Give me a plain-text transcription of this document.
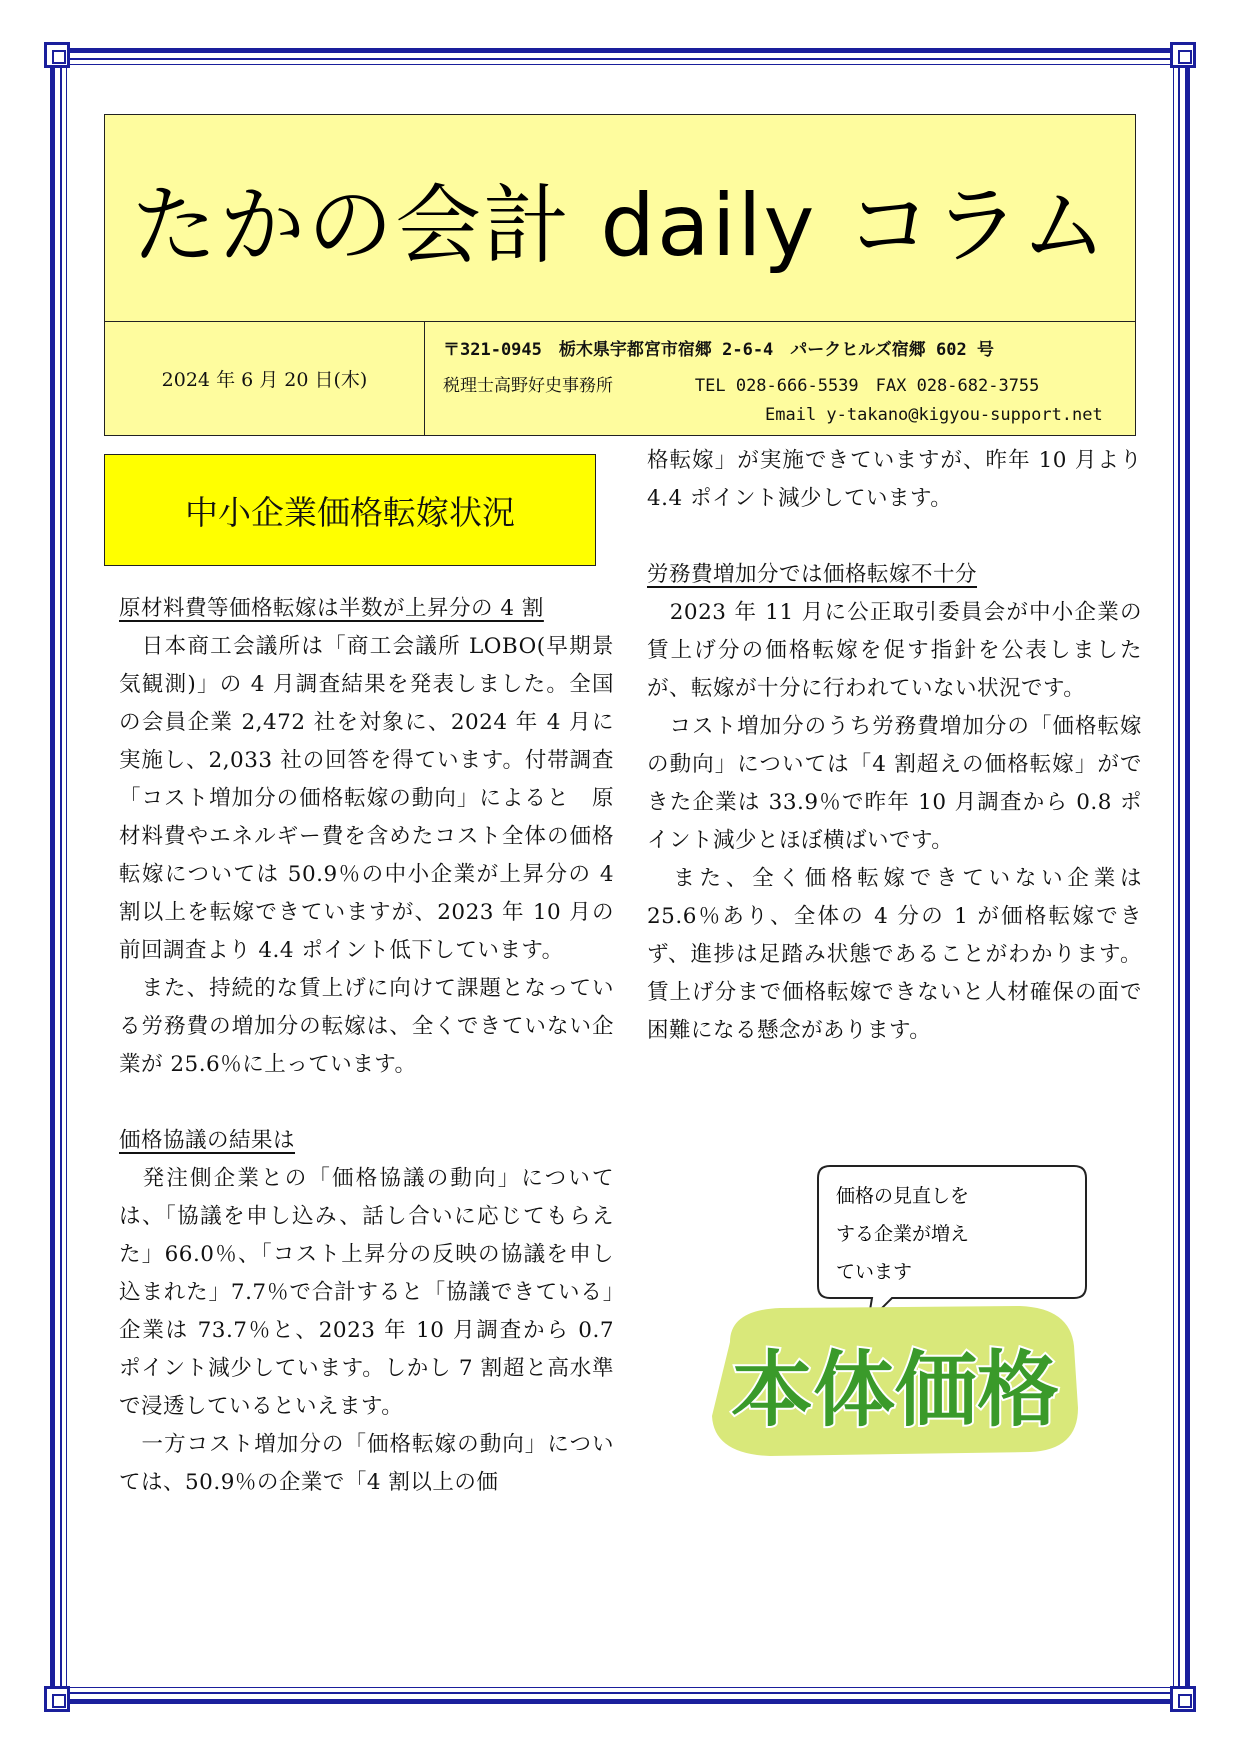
たかの会計 daily コラム
2024 年 6 月 20 日(木)
〒321-0945　栃木県宇都宮市宿郷 2-6-4　パークヒルズ宿郷 602 号
税理士高野好史事務所	TEL 028-666-5539　FAX 028-682-3755
Email y-takano@kigyou-support.net
中小企業価格転嫁状況

原材料費等価格転嫁は半数が上昇分の 4 割

　日本商工会議所は「商工会議所 LOBO(早期景気観測)」の 4 月調査結果を発表しました。全国の会員企業 2,472 社を対象に、2024 年 4 月に実施し、2,033 社の回答を得ています。付帯調査「コスト増加分の価格転嫁の動向」によると　原材料費やエネルギー費を含めたコスト全体の価格転嫁については 50.9％の中小企業が上昇分の 4 割以上を転嫁できていますが、2023 年 10 月の前回調査より 4.4 ポイント低下しています。

　また、持続的な賃上げに向けて課題となっている労務費の増加分の転嫁は、全くできていない企業が 25.6％に上っています。

価格協議の結果は

　発注側企業との「価格協議の動向」については、「協議を申し込み、話し合いに応じてもらえた」66.0％、「コスト上昇分の反映の協議を申し込まれた」7.7％で合計すると「協議できている」企業は 73.7％と、2023 年 10 月調査から 0.7 ポイント減少しています。しかし 7 割超と高水準で浸透しているといえます。

　一方コスト増加分の「価格転嫁の動向」については、50.9％の企業で「4 割以上の価

格転嫁」が実施できていますが、昨年 10 月より 4.4 ポイント減少しています。

労務費増加分では価格転嫁不十分

　2023 年 11 月に公正取引委員会が中小企業の賃上げ分の価格転嫁を促す指針を公表しましたが、転嫁が十分に行われていない状況です。

　コスト増加分のうち労務費増加分の「価格転嫁の動向」については「4 割超えの価格転嫁」ができた企業は 33.9％で昨年 10 月調査から 0.8 ポイント減少とほぼ横ばいです。

　また、全く価格転嫁できていない企業は 25.6％あり、全体の 4 分の 1 が価格転嫁できず、進捗は足踏み状態であることがわかります。賃上げ分まで価格転嫁できないと人材確保の面で困難になる懸念があります。

価格の見直しを
する企業が増え
ています
本体価格
